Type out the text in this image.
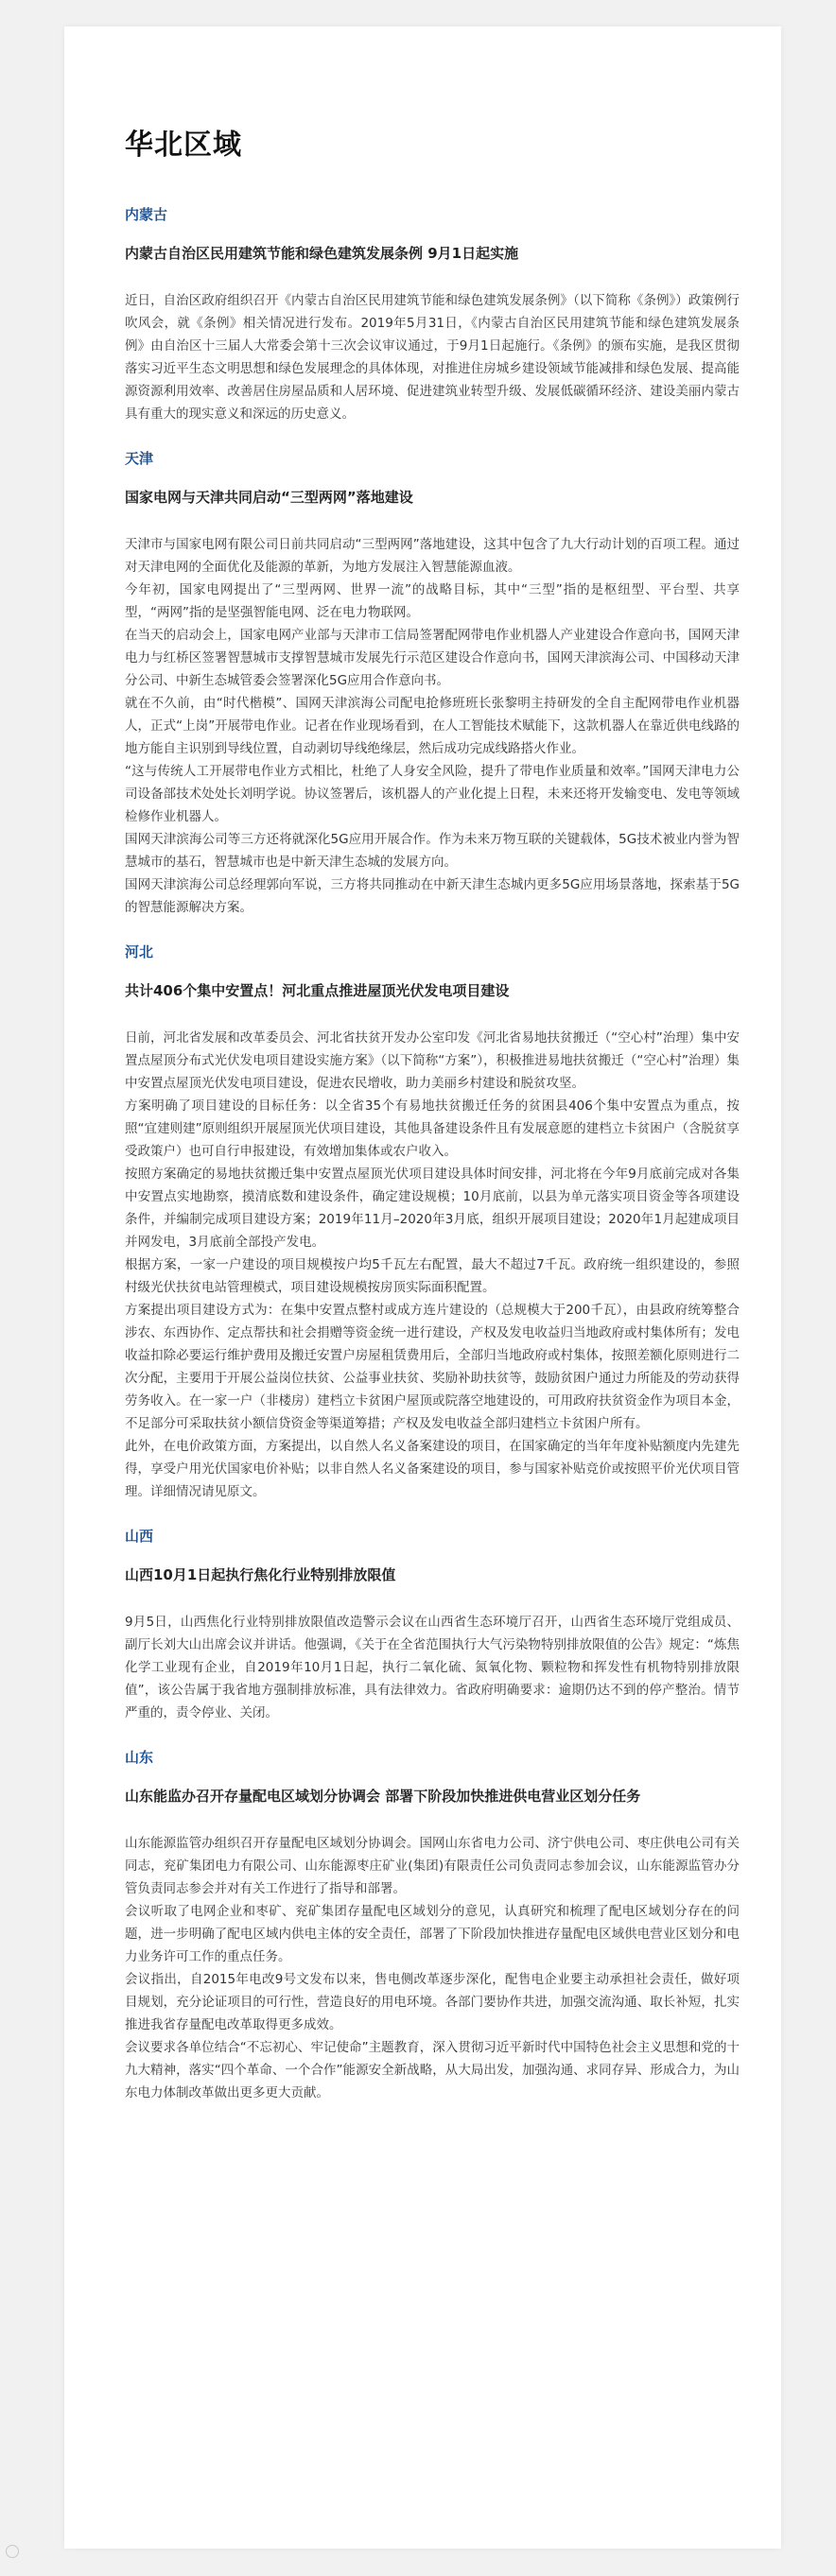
华北区域
内蒙古
内蒙古自治区民用建筑节能和绿色建筑发展条例 9月1日起实施

近日，自治区政府组织召开《内蒙古自治区民用建筑节能和绿色建筑发展条例》（以下简称《条例》）政策例行吹风会，就《条例》相关情况进行发布。2019年5月31日，《内蒙古自治区民用建筑节能和绿色建筑发展条例》由自治区十三届人大常委会第十三次会议审议通过，于9月1日起施行。《条例》的颁布实施，是我区贯彻落实习近平生态文明思想和绿色发展理念的具体体现，对推进住房城乡建设领域节能减排和绿色发展、提高能源资源利用效率、改善居住房屋品质和人居环境、促进建筑业转型升级、发展低碳循环经济、建设美丽内蒙古具有重大的现实意义和深远的历史意义。

天津
国家电网与天津共同启动“三型两网”落地建设

天津市与国家电网有限公司日前共同启动“三型两网”落地建设，这其中包含了九大行动计划的百项工程。通过对天津电网的全面优化及能源的革新，为地方发展注入智慧能源血液。

今年初，国家电网提出了“三型两网、世界一流”的战略目标，其中“三型”指的是枢纽型、平台型、共享型，“两网”指的是坚强智能电网、泛在电力物联网。

在当天的启动会上，国家电网产业部与天津市工信局签署配网带电作业机器人产业建设合作意向书，国网天津电力与红桥区签署智慧城市支撑智慧城市发展先行示范区建设合作意向书，国网天津滨海公司、中国移动天津分公司、中新生态城管委会签署深化5G应用合作意向书。

就在不久前，由“时代楷模”、国网天津滨海公司配电抢修班班长张黎明主持研发的全自主配网带电作业机器人，正式“上岗”开展带电作业。记者在作业现场看到，在人工智能技术赋能下，这款机器人在靠近供电线路的地方能自主识别到导线位置，自动剥切导线绝缘层，然后成功完成线路搭火作业。

“这与传统人工开展带电作业方式相比，杜绝了人身安全风险，提升了带电作业质量和效率。”国网天津电力公司设备部技术处处长刘明学说。协议签署后，该机器人的产业化提上日程，未来还将开发输变电、发电等领域检修作业机器人。

国网天津滨海公司等三方还将就深化5G应用开展合作。作为未来万物互联的关键载体，5G技术被业内誉为智慧城市的基石，智慧城市也是中新天津生态城的发展方向。

国网天津滨海公司总经理郭向军说，三方将共同推动在中新天津生态城内更多5G应用场景落地，探索基于5G的智慧能源解决方案。

河北
共计406个集中安置点！河北重点推进屋顶光伏发电项目建设

日前，河北省发展和改革委员会、河北省扶贫开发办公室印发《河北省易地扶贫搬迁（“空心村”治理）集中安置点屋顶分布式光伏发电项目建设实施方案》（以下简称“方案”），积极推进易地扶贫搬迁（“空心村”治理）集中安置点屋顶光伏发电项目建设，促进农民增收，助力美丽乡村建设和脱贫攻坚。

方案明确了项目建设的目标任务：以全省35个有易地扶贫搬迁任务的贫困县406个集中安置点为重点，按照“宜建则建”原则组织开展屋顶光伏项目建设，其他具备建设条件且有发展意愿的建档立卡贫困户（含脱贫享受政策户）也可自行申报建设，有效增加集体或农户收入。

按照方案确定的易地扶贫搬迁集中安置点屋顶光伏项目建设具体时间安排，河北将在今年9月底前完成对各集中安置点实地勘察，摸清底数和建设条件，确定建设规模；10月底前，以县为单元落实项目资金等各项建设条件，并编制完成项目建设方案；2019年11月–2020年3月底，组织开展项目建设；2020年1月起建成项目并网发电，3月底前全部投产发电。

根据方案，一家一户建设的项目规模按户均5千瓦左右配置，最大不超过7千瓦。政府统一组织建设的，参照村级光伏扶贫电站管理模式，项目建设规模按房顶实际面积配置。

方案提出项目建设方式为：在集中安置点整村或成方连片建设的（总规模大于200千瓦），由县政府统筹整合涉农、东西协作、定点帮扶和社会捐赠等资金统一进行建设，产权及发电收益归当地政府或村集体所有；发电收益扣除必要运行维护费用及搬迁安置户房屋租赁费用后，全部归当地政府或村集体，按照差额化原则进行二次分配，主要用于开展公益岗位扶贫、公益事业扶贫、奖励补助扶贫等，鼓励贫困户通过力所能及的劳动获得劳务收入。在一家一户（非楼房）建档立卡贫困户屋顶或院落空地建设的，可用政府扶贫资金作为项目本金，不足部分可采取扶贫小额信贷资金等渠道筹措；产权及发电收益全部归建档立卡贫困户所有。

此外，在电价政策方面，方案提出，以自然人名义备案建设的项目，在国家确定的当年年度补贴额度内先建先得，享受户用光伏国家电价补贴；以非自然人名义备案建设的项目，参与国家补贴竞价或按照平价光伏项目管理。详细情况请见原文。

山西
山西10月1日起执行焦化行业特别排放限值

9月5日，山西焦化行业特别排放限值改造警示会议在山西省生态环境厅召开，山西省生态环境厅党组成员、副厅长刘大山出席会议并讲话。他强调，《关于在全省范围执行大气污染物特别排放限值的公告》规定：“炼焦化学工业现有企业，自2019年10月1日起，执行二氧化硫、氮氧化物、颗粒物和挥发性有机物特别排放限值”，该公告属于我省地方强制排放标准，具有法律效力。省政府明确要求：逾期仍达不到的停产整治。情节严重的，责令停业、关闭。

山东
山东能监办召开存量配电区域划分协调会 部署下阶段加快推进供电营业区划分任务

山东能源监管办组织召开存量配电区域划分协调会。国网山东省电力公司、济宁供电公司、枣庄供电公司有关同志，兖矿集团电力有限公司、山东能源枣庄矿业(集团)有限责任公司负责同志参加会议，山东能源监管办分管负责同志参会并对有关工作进行了指导和部署。

会议听取了电网企业和枣矿、兖矿集团存量配电区域划分的意见，认真研究和梳理了配电区域划分存在的问题，进一步明确了配电区域内供电主体的安全责任，部署了下阶段加快推进存量配电区域供电营业区划分和电力业务许可工作的重点任务。

会议指出，自2015年电改9号文发布以来，售电侧改革逐步深化，配售电企业要主动承担社会责任，做好项目规划，充分论证项目的可行性，营造良好的用电环境。各部门要协作共进，加强交流沟通、取长补短，扎实推进我省存量配电改革取得更多成效。

会议要求各单位结合“不忘初心、牢记使命”主题教育，深入贯彻习近平新时代中国特色社会主义思想和党的十九大精神，落实“四个革命、一个合作”能源安全新战略，从大局出发，加强沟通、求同存异、形成合力，为山东电力体制改革做出更多更大贡献。
